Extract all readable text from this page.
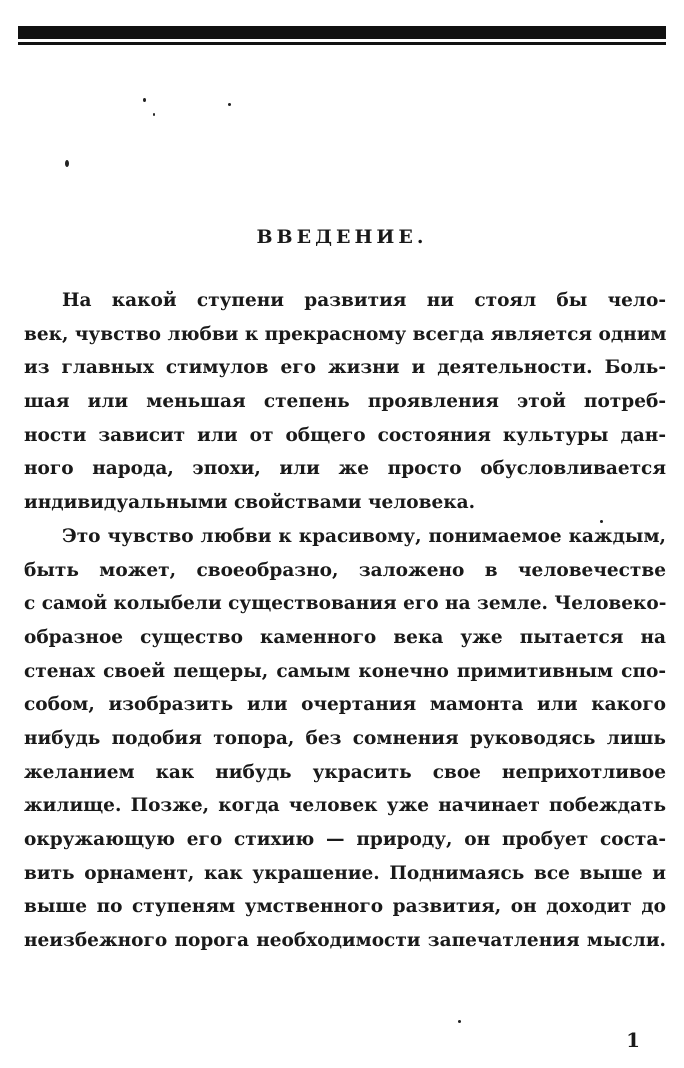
ВВЕДЕНИЕ.
На какой ступени развития ни стоял бы чело-
век, чувство любви к прекрасному всегда является одним
из главных стимулов его жизни и деятельности. Боль-
шая или меньшая степень проявления этой потреб-
ности зависит или от общего состояния культуры дан-
ного народа, эпохи, или же просто обусловливается
индивидуальными свойствами человека.
Это чувство любви к красивому, понимаемое каждым,
быть может, своеобразно, заложено в человечестве
с самой колыбели существования его на земле. Человеко-
образное существо каменного века уже пытается на
стенах своей пещеры, самым конечно примитивным спо-
собом, изобразить или очертания мамонта или какого
нибудь подобия топора, без сомнения руководясь лишь
желанием как нибудь украсить свое неприхотливое
жилище. Позже, когда человек уже начинает побеждать
окружающую его стихию — природу, он пробует соста-
вить орнамент, как украшение. Поднимаясь все выше и
выше по ступеням умственного развития, он доходит до
неизбежного порога необходимости запечатления мысли.
1
